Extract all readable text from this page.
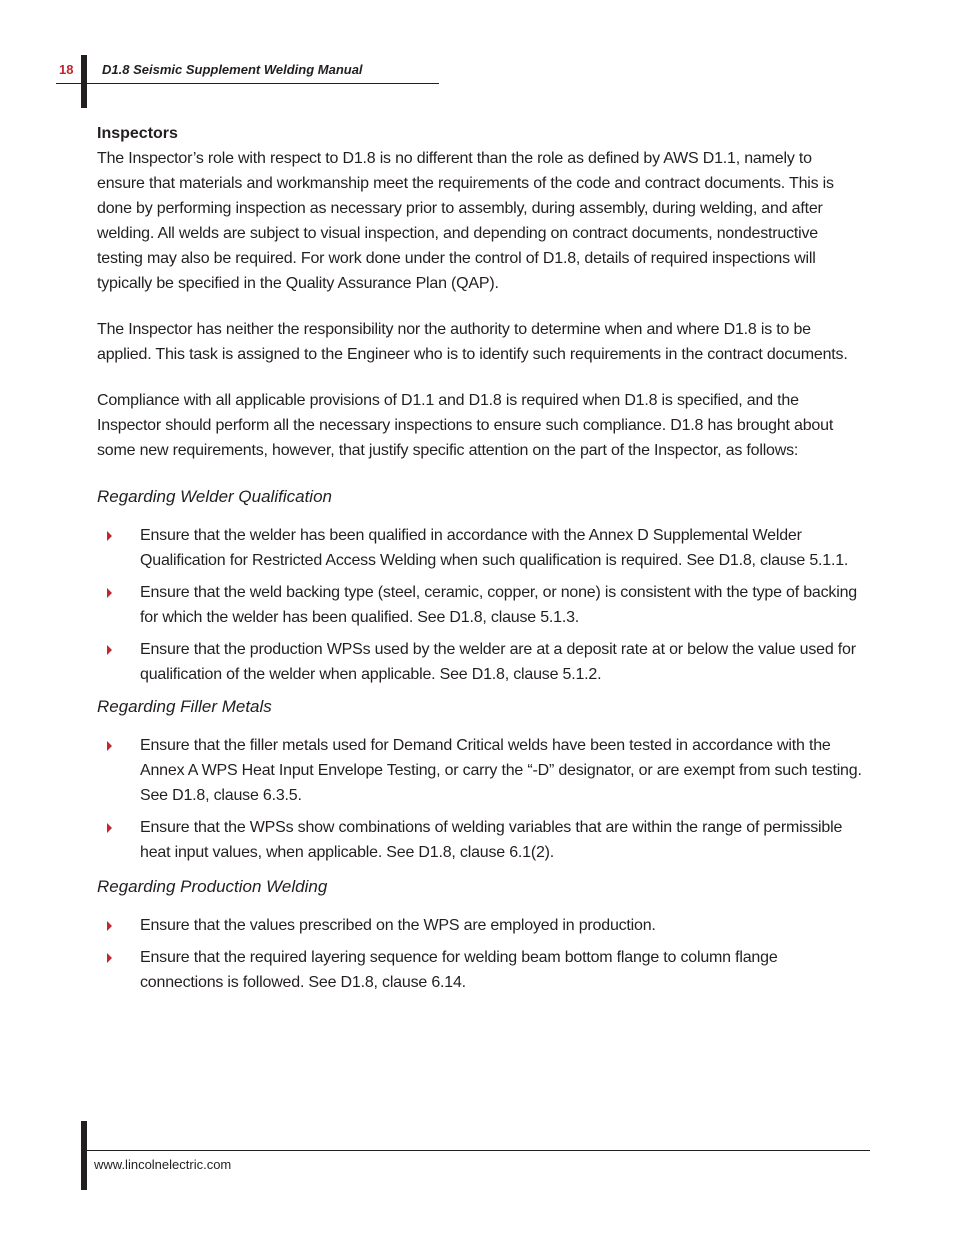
18 D1.8 Seismic Supplement Welding Manual
Inspectors

The Inspector’s role with respect to D1.8 is no different than the role as defined by AWS D1.1, namely to ensure that materials and workmanship meet the requirements of the code and contract documents. This is done by performing inspection as necessary prior to assembly, during assembly, during welding, and after welding. All welds are subject to visual inspection, and depending on contract documents, nondestructive testing may also be required. For work done under the control of D1.8, details of required inspections will typically be specified in the Quality Assurance Plan (QAP).

The Inspector has neither the responsibility nor the authority to determine when and where D1.8 is to be applied. This task is assigned to the Engineer who is to identify such requirements in the contract documents.

Compliance with all applicable provisions of D1.1 and D1.8 is required when D1.8 is specified, and the Inspector should perform all the necessary inspections to ensure such compliance. D1.8 has brought about some new requirements, however, that justify specific attention on the part of the Inspector, as follows:

Regarding Welder Qualification
Ensure that the welder has been qualified in accordance with the Annex D Supplemental Welder Qualification for Restricted Access Welding when such qualification is required. See D1.8, clause 5.1.1.
Ensure that the weld backing type (steel, ceramic, copper, or none) is consistent with the type of backing for which the welder has been qualified. See D1.8, clause 5.1.3.
Ensure that the production WPSs used by the welder are at a deposit rate at or below the value used for qualification of the welder when applicable. See D1.8, clause 5.1.2.
Regarding Filler Metals
Ensure that the filler metals used for Demand Critical welds have been tested in accordance with the Annex A WPS Heat Input Envelope Testing, or carry the “-D” designator, or are exempt from such testing. See D1.8, clause 6.3.5.
Ensure that the WPSs show combinations of welding variables that are within the range of permissible heat input values, when applicable. See D1.8, clause 6.1(2).
Regarding Production Welding
Ensure that the values prescribed on the WPS are employed in production.
Ensure that the required layering sequence for welding beam bottom flange to column flange connections is followed. See D1.8, clause 6.14.
www.lincolnelectric.com
